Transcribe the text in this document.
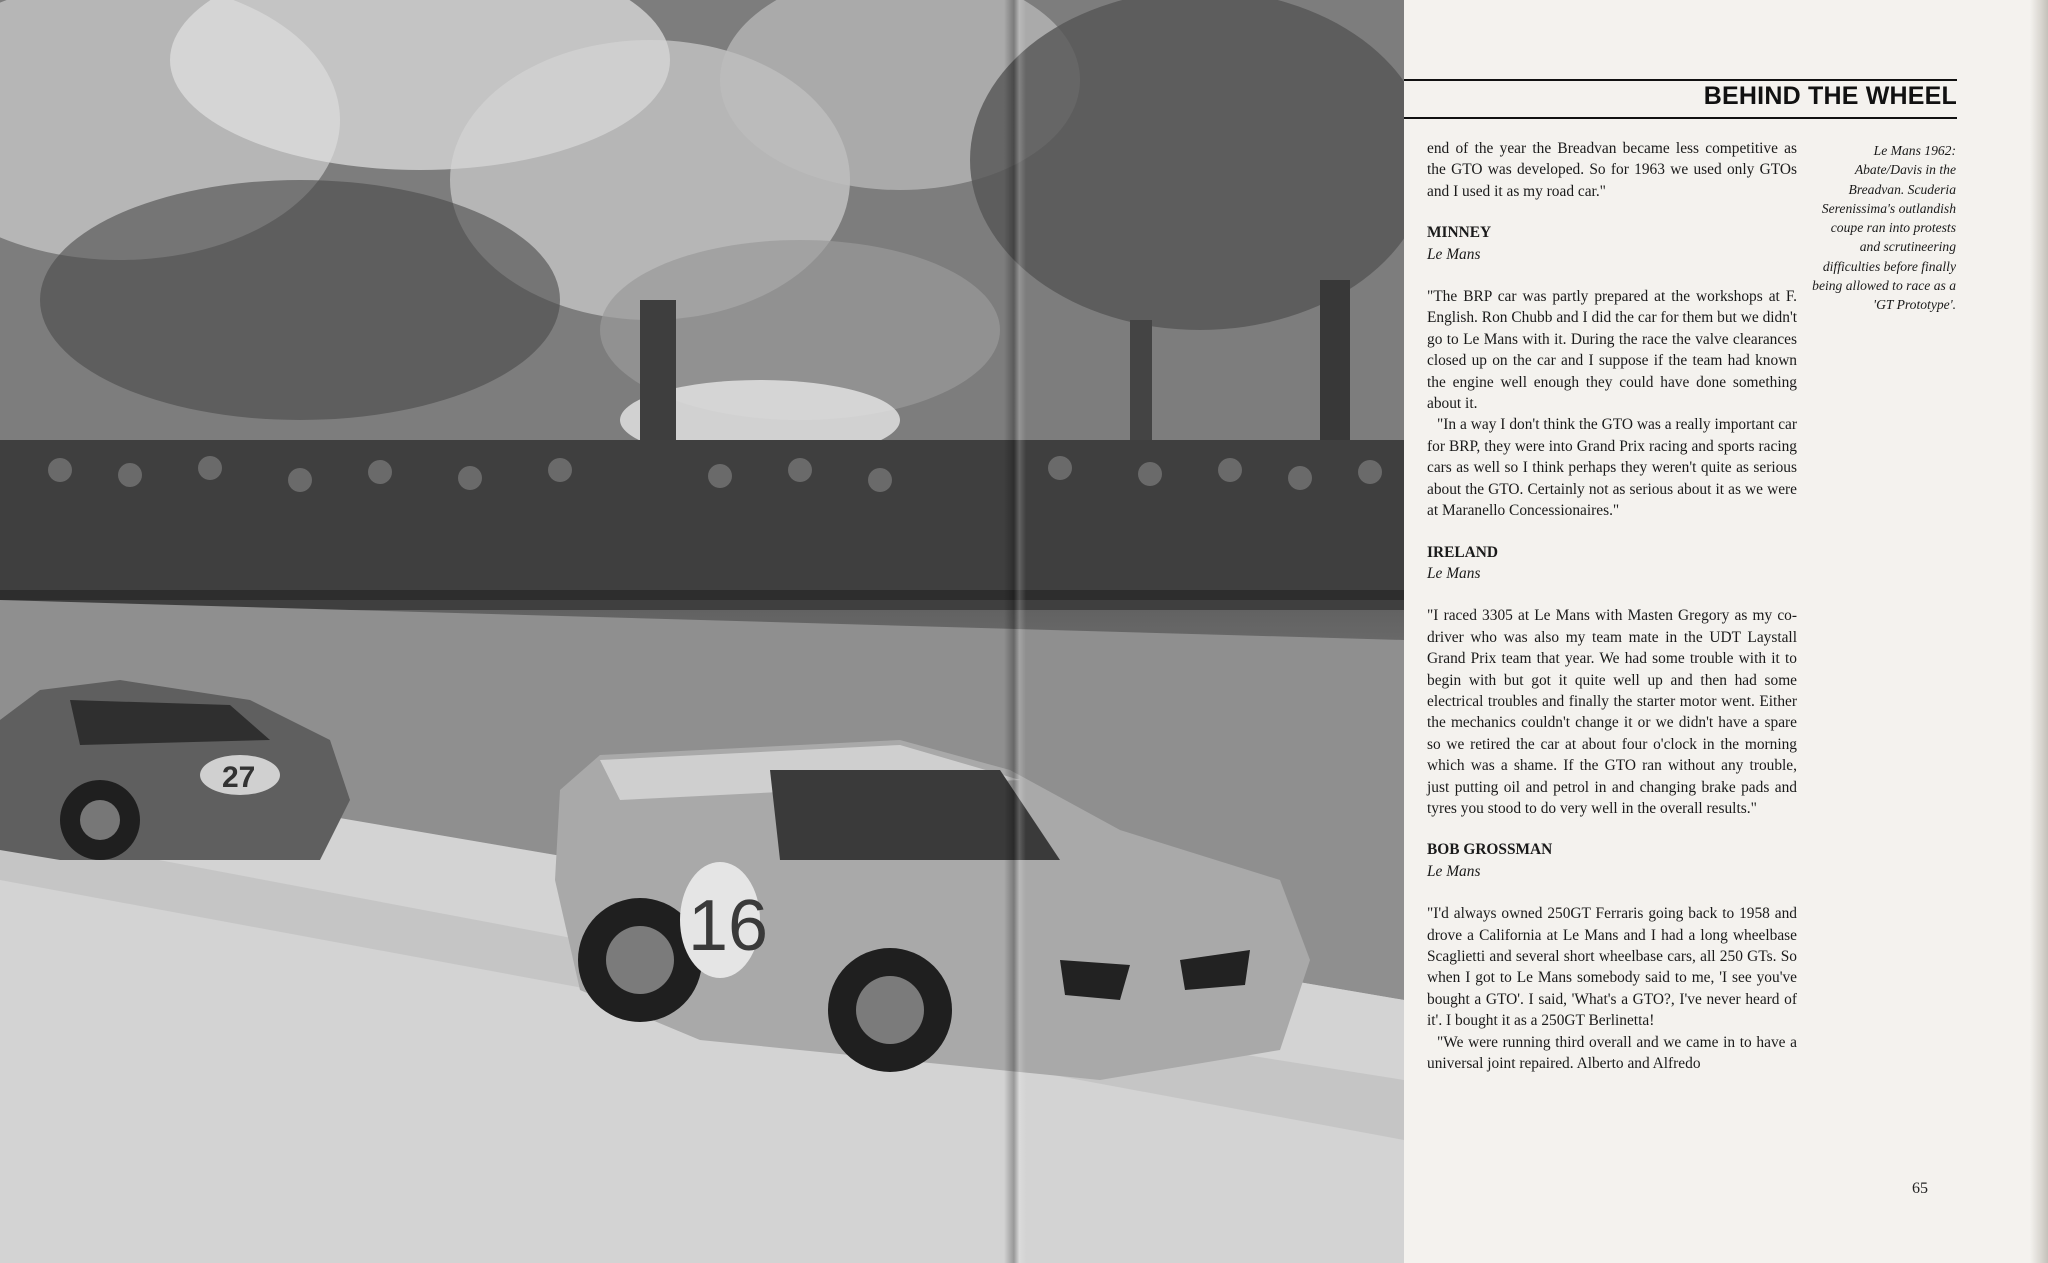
27
16
BEHIND THE WHEEL

end of the year the Breadvan became less competitive as the GTO was developed. So for 1963 we used only GTOs and I used it as my road car."

MINNEY

Le Mans

"The BRP car was partly prepared at the workshops at F. English. Ron Chubb and I did the car for them but we didn't go to Le Mans with it. During the race the valve clearances closed up on the car and I suppose if the team had known the engine well enough they could have done something about it.

"In a way I don't think the GTO was a really important car for BRP, they were into Grand Prix racing and sports racing cars as well so I think perhaps they weren't quite as serious about the GTO. Certainly not as serious about it as we were at Maranello Concessionaires."

IRELAND

Le Mans

"I raced 3305 at Le Mans with Masten Gregory as my co-driver who was also my team mate in the UDT Laystall Grand Prix team that year. We had some trouble with it to begin with but got it quite well up and then had some electrical troubles and finally the starter motor went. Either the mechanics couldn't change it or we didn't have a spare so we retired the car at about four o'clock in the morning which was a shame. If the GTO ran without any trouble, just putting oil and petrol in and changing brake pads and tyres you stood to do very well in the overall results."

BOB GROSSMAN

Le Mans

"I'd always owned 250GT Ferraris going back to 1958 and drove a California at Le Mans and I had a long wheelbase Scaglietti and several short wheelbase cars, all 250 GTs. So when I got to Le Mans somebody said to me, 'I see you've bought a GTO'. I said, 'What's a GTO?, I've never heard of it'. I bought it as a 250GT Berlinetta!

"We were running third overall and we came in to have a universal joint repaired. Alberto and Alfredo

Le Mans 1962: Abate/Davis in the Breadvan. Scuderia Serenissima's outlandish coupe ran into protests and scrutineering difficulties before finally being allowed to race as a 'GT Prototype'.
65
